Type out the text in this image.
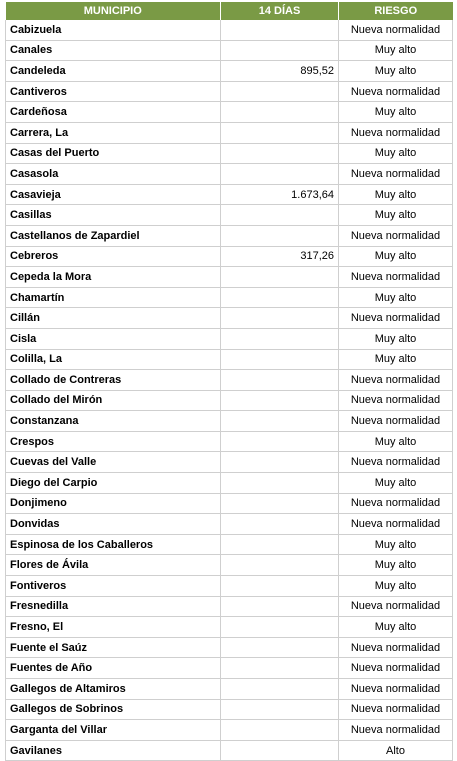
MUNICIPIO	14 DÍAS	RIESGO
Cabizuela		Nueva normalidad
Canales		Muy alto
Candeleda	895,52	Muy alto
Cantiveros		Nueva normalidad
Cardeñosa		Muy alto
Carrera, La		Nueva normalidad
Casas del Puerto		Muy alto
Casasola		Nueva normalidad
Casavieja	1.673,64	Muy alto
Casillas		Muy alto
Castellanos de Zapardiel		Nueva normalidad
Cebreros	317,26	Muy alto
Cepeda la Mora		Nueva normalidad
Chamartín		Muy alto
Cillán		Nueva normalidad
Cisla		Muy alto
Colilla, La		Muy alto
Collado de Contreras		Nueva normalidad
Collado del Mirón		Nueva normalidad
Constanzana		Nueva normalidad
Crespos		Muy alto
Cuevas del Valle		Nueva normalidad
Diego del Carpio		Muy alto
Donjimeno		Nueva normalidad
Donvidas		Nueva normalidad
Espinosa de los Caballeros		Muy alto
Flores de Ávila		Muy alto
Fontiveros		Muy alto
Fresnedilla		Nueva normalidad
Fresno, El		Muy alto
Fuente el Saúz		Nueva normalidad
Fuentes de Año		Nueva normalidad
Gallegos de Altamiros		Nueva normalidad
Gallegos de Sobrinos		Nueva normalidad
Garganta del Villar		Nueva normalidad
Gavilanes		Alto
